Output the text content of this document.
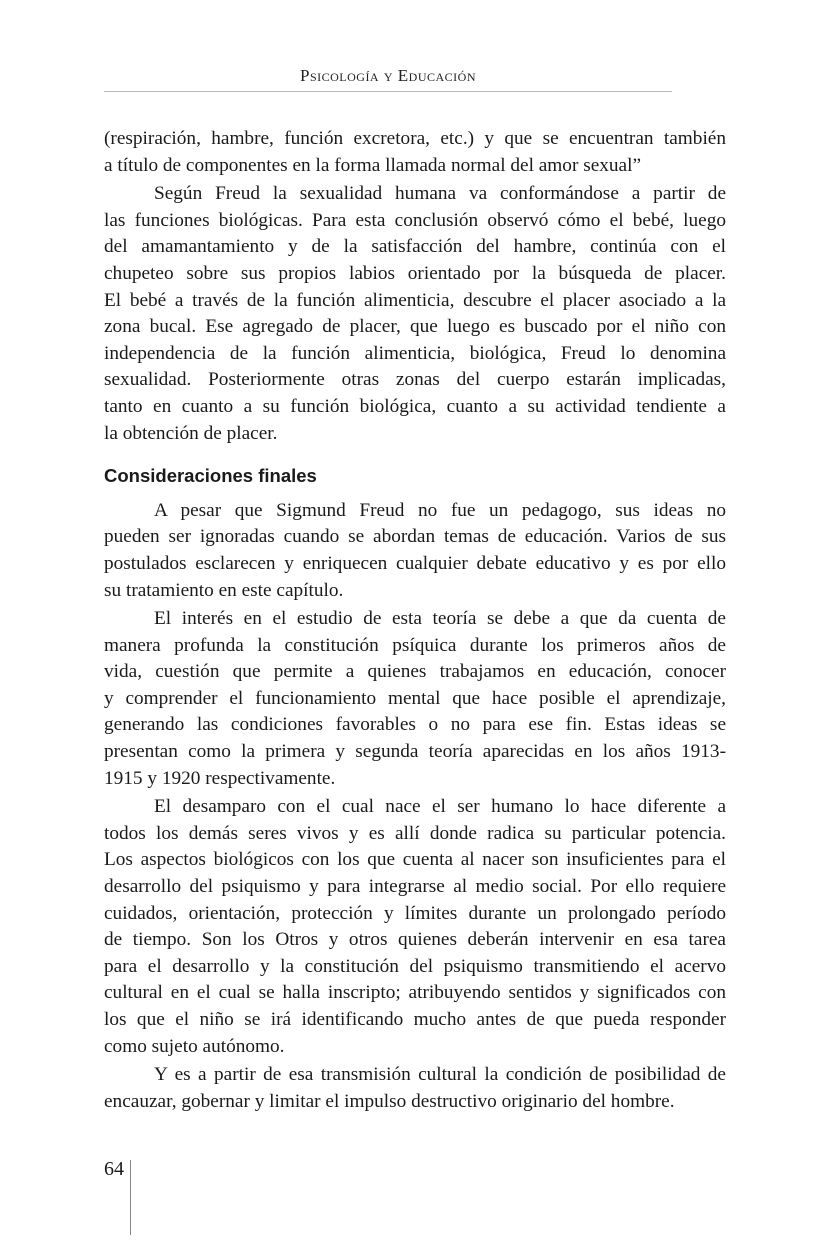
Psicología y Educación
(respiración, hambre, función excretora, etc.) y que se encuentran también
a título de componentes en la forma llamada normal del amor sexual”
Según Freud la sexualidad humana va conformándose a partir de
las funciones biológicas. Para esta conclusión observó cómo el bebé, luego
del amamantamiento y de la satisfacción del hambre, continúa con el
chupeteo sobre sus propios labios orientado por la búsqueda de placer.
El bebé a través de la función alimenticia, descubre el placer asociado a la
zona bucal. Ese agregado de placer, que luego es buscado por el niño con
independencia de la función alimenticia, biológica, Freud lo denomina
sexualidad. Posteriormente otras zonas del cuerpo estarán implicadas,
tanto en cuanto a su función biológica, cuanto a su actividad tendiente a
la obtención de placer.
Consideraciones finales
A pesar que Sigmund Freud no fue un pedagogo, sus ideas no
pueden ser ignoradas cuando se abordan temas de educación. Varios de sus
postulados esclarecen y enriquecen cualquier debate educativo y es por ello
su tratamiento en este capítulo.
El interés en el estudio de esta teoría se debe a que da cuenta de
manera profunda la constitución psíquica durante los primeros años de
vida, cuestión que permite a quienes trabajamos en educación, conocer
y comprender el funcionamiento mental que hace posible el aprendizaje,
generando las condiciones favorables o no para ese fin. Estas ideas se
presentan como la primera y segunda teoría aparecidas en los años 1913-
1915 y 1920 respectivamente.
El desamparo con el cual nace el ser humano lo hace diferente a
todos los demás seres vivos y es allí donde radica su particular potencia.
Los aspectos biológicos con los que cuenta al nacer son insuficientes para el
desarrollo del psiquismo y para integrarse al medio social. Por ello requiere
cuidados, orientación, protección y límites durante un prolongado período
de tiempo. Son los Otros y otros quienes deberán intervenir en esa tarea
para el desarrollo y la constitución del psiquismo transmitiendo el acervo
cultural en el cual se halla inscripto; atribuyendo sentidos y significados con
los que el niño se irá identificando mucho antes de que pueda responder
como sujeto autónomo.
Y es a partir de esa transmisión cultural la condición de posibilidad de
encauzar, gobernar y limitar el impulso destructivo originario del hombre.
64
